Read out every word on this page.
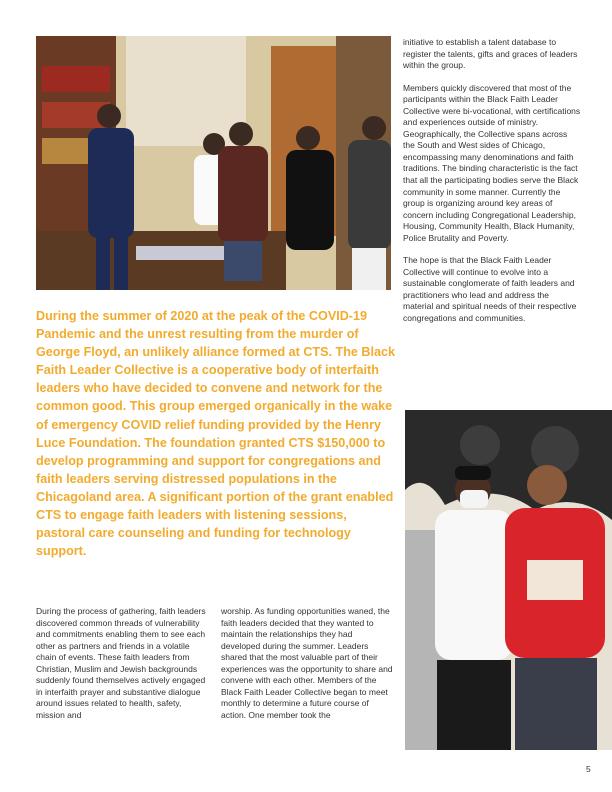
During the summer of 2020 at the peak of the COVID-19 Pandemic and the unrest resulting from the murder of George Floyd, an unlikely alliance formed at CTS. The Black Faith Leader Collective is a cooperative body of interfaith leaders who have decided to convene and network for the common good. This group emerged organically in the wake of emergency COVID relief funding provided by the Henry Luce Foundation. The foundation granted CTS $150,000 to develop programming and support for congregations and faith leaders serving distressed populations in the Chicagoland area. A significant portion of the grant enabled CTS to engage faith leaders with listening sessions, pastoral care counseling and funding for technology support.

During the process of gathering, faith leaders discovered common threads of vulnerability and commitments enabling them to see each other as partners and friends in a volatile chain of events. These faith leaders from Christian, Muslim and Jewish backgrounds suddenly found themselves actively engaged in interfaith prayer and substantive dialogue around issues related to health, safety, mission and

worship. As funding opportunities waned, the faith leaders decided that they wanted to maintain the relationships they had developed during the summer. Leaders shared that the most valuable part of their experiences was the opportunity to share and convene with each other. Members of the Black Faith Leader Collective began to meet monthly to determine a future course of action. One member took the

initiative to establish a talent database to register the talents, gifts and graces of leaders within the group.

Members quickly discovered that most of the participants within the Black Faith Leader Collective were bi-vocational, with certifications and experiences outside of ministry. Geographically, the Collective spans across the South and West sides of Chicago, encompassing many denominations and faith traditions. The binding characteristic is the fact that all the participating bodies serve the Black community in some manner. Currently the group is organizing around key areas of concern including Congregational Leadership, Housing, Community Health, Black Humanity, Police Brutality and Poverty.

The hope is that the Black Faith Leader Collective will continue to evolve into a sustainable conglomerate of faith leaders and practitioners who lead and address the material and spiritual needs of their respective congregations and communities.

5
